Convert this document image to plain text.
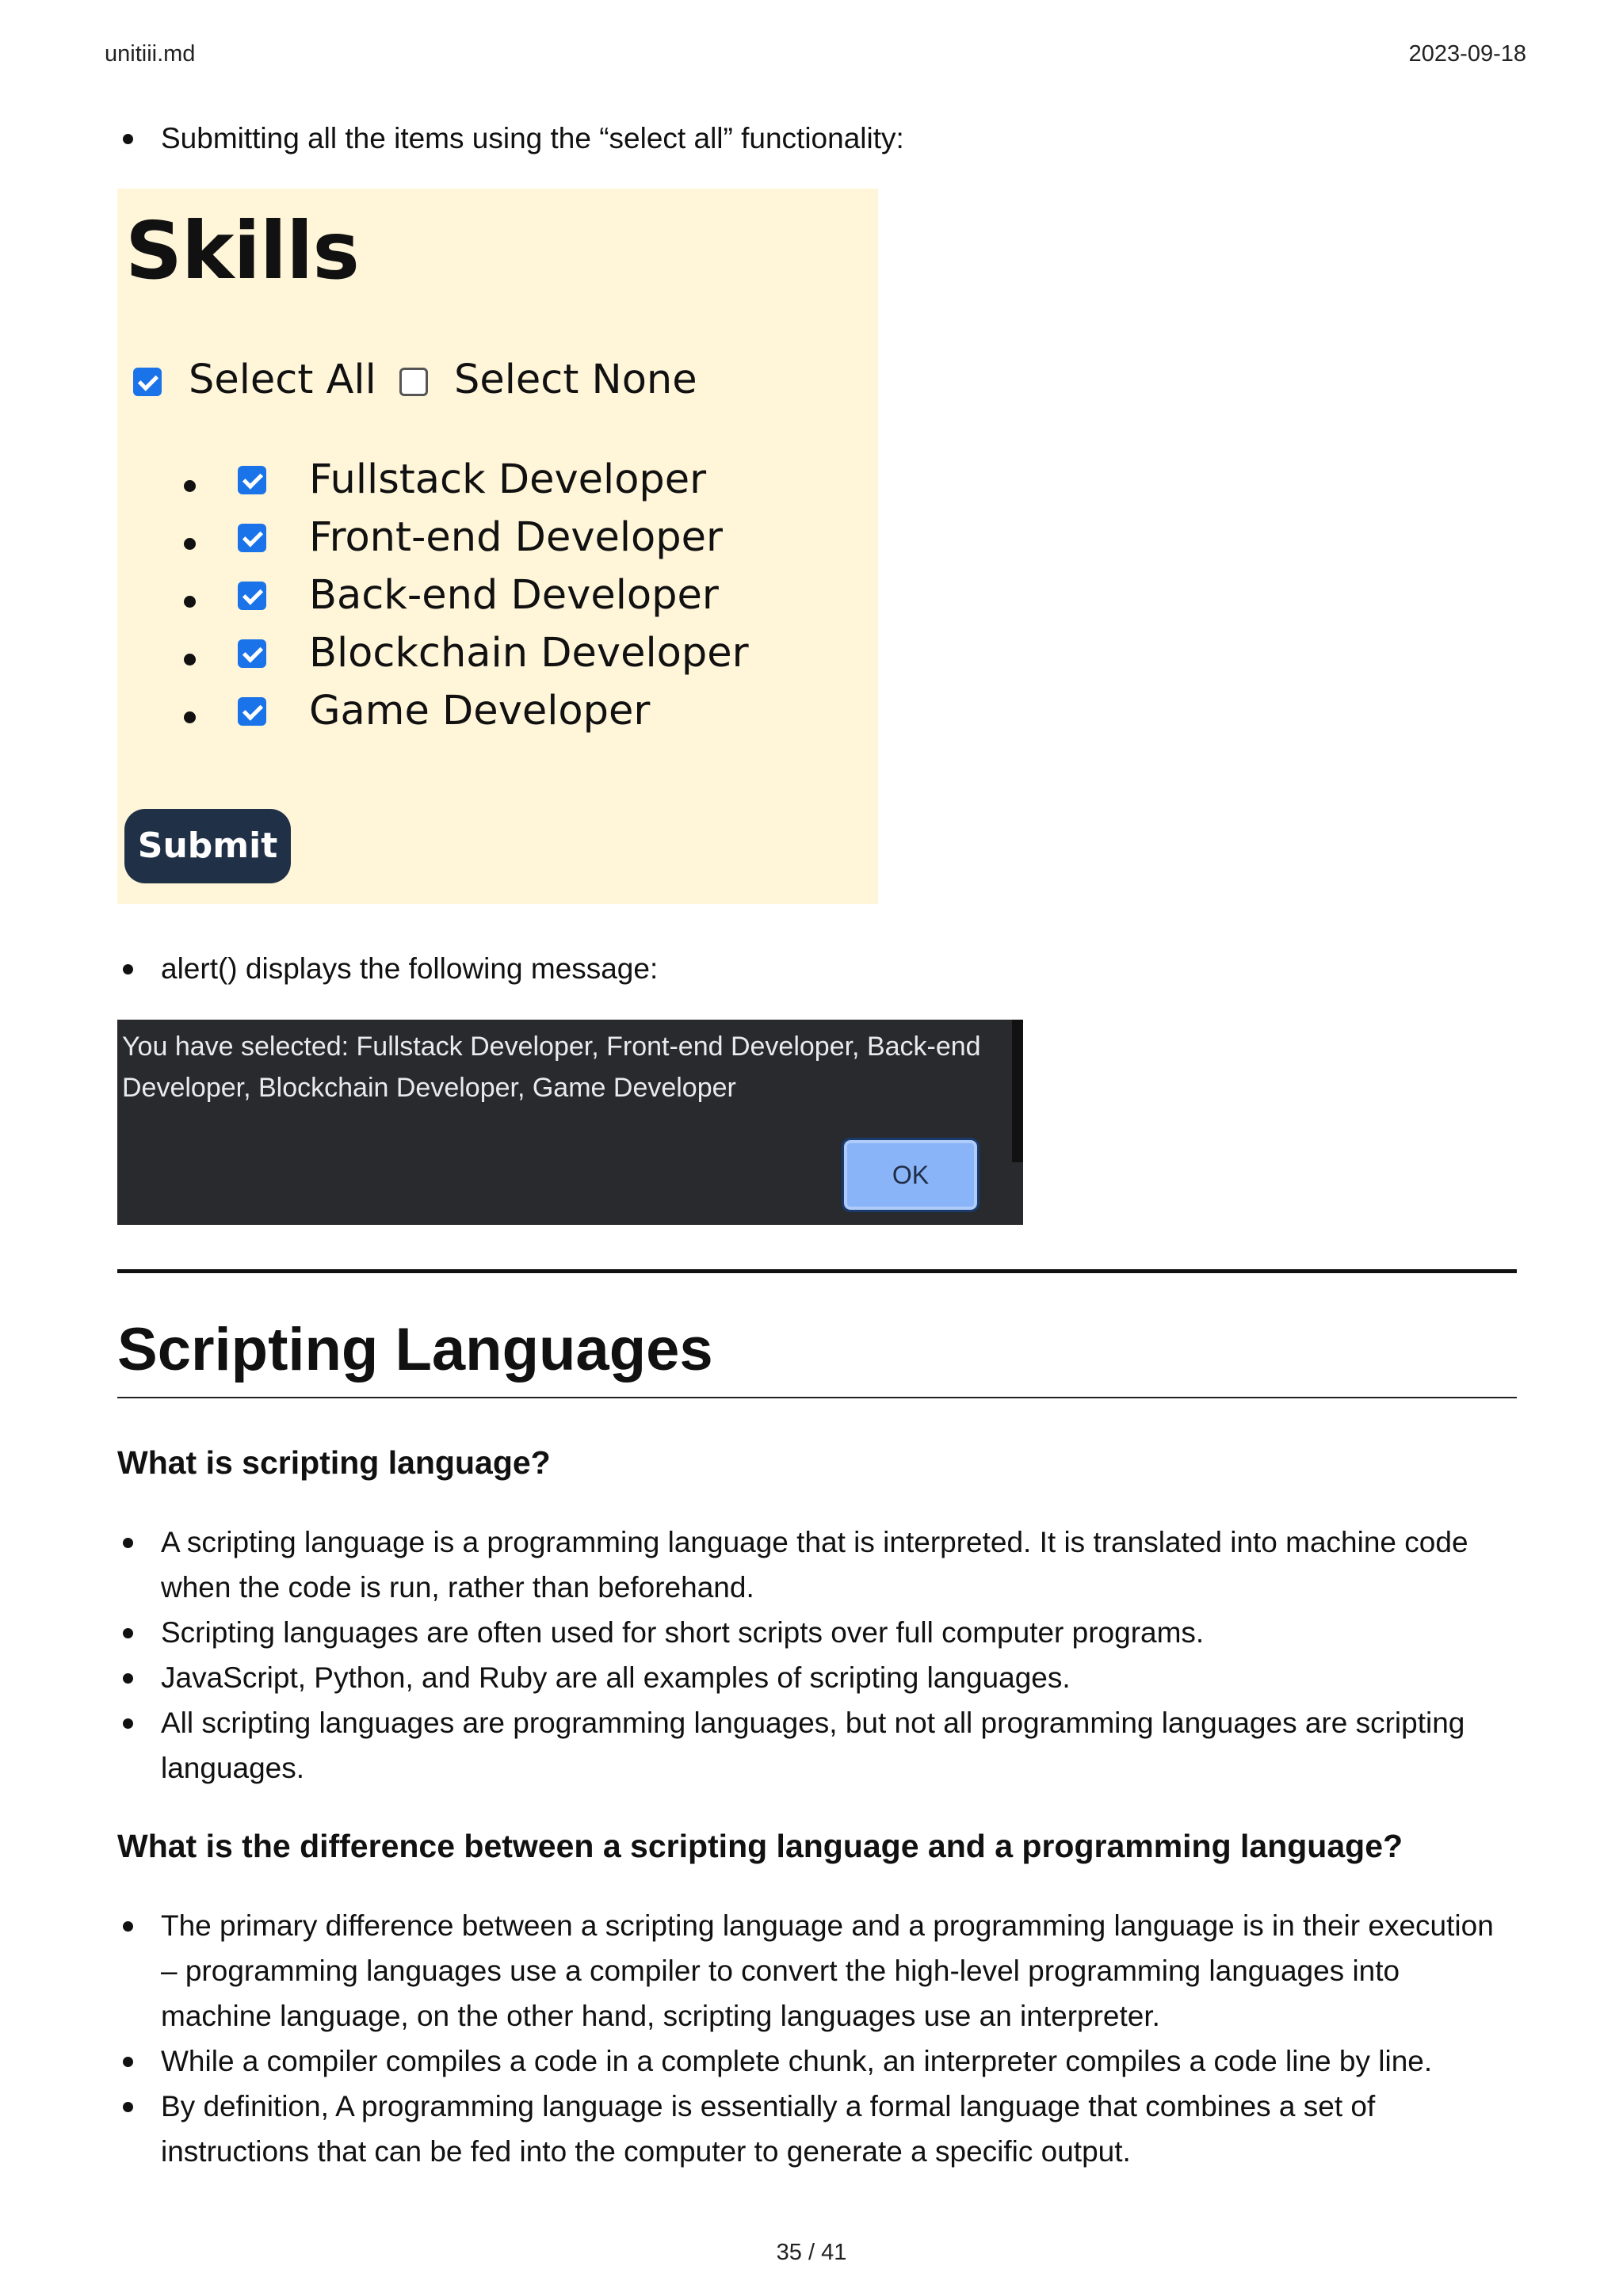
unitiii.md	2023-09-18
Submitting all the items using the “select all” functionality:
Skills
Select All Select None
Fullstack Developer
Front-end Developer
Back-end Developer
Blockchain Developer
Game Developer
Submit
alert() displays the following message:
You have selected: Fullstack Developer, Front-end Developer, Back-end
Developer, Blockchain Developer, Game Developer
OK
Scripting Languages
What is scripting language?
A scripting language is a programming language that is interpreted. It is translated into machine code
when the code is run, rather than beforehand.
Scripting languages are often used for short scripts over full computer programs.
JavaScript, Python, and Ruby are all examples of scripting languages.
All scripting languages are programming languages, but not all programming languages are scripting
languages.
What is the difference between a scripting language and a programming language?
The primary difference between a scripting language and a programming language is in their execution
– programming languages use a compiler to convert the high-level programming languages into
machine language, on the other hand, scripting languages use an interpreter.
While a compiler compiles a code in a complete chunk, an interpreter compiles a code line by line.
By definition, A programming language is essentially a formal language that combines a set of
instructions that can be fed into the computer to generate a specific output.
35 / 41
